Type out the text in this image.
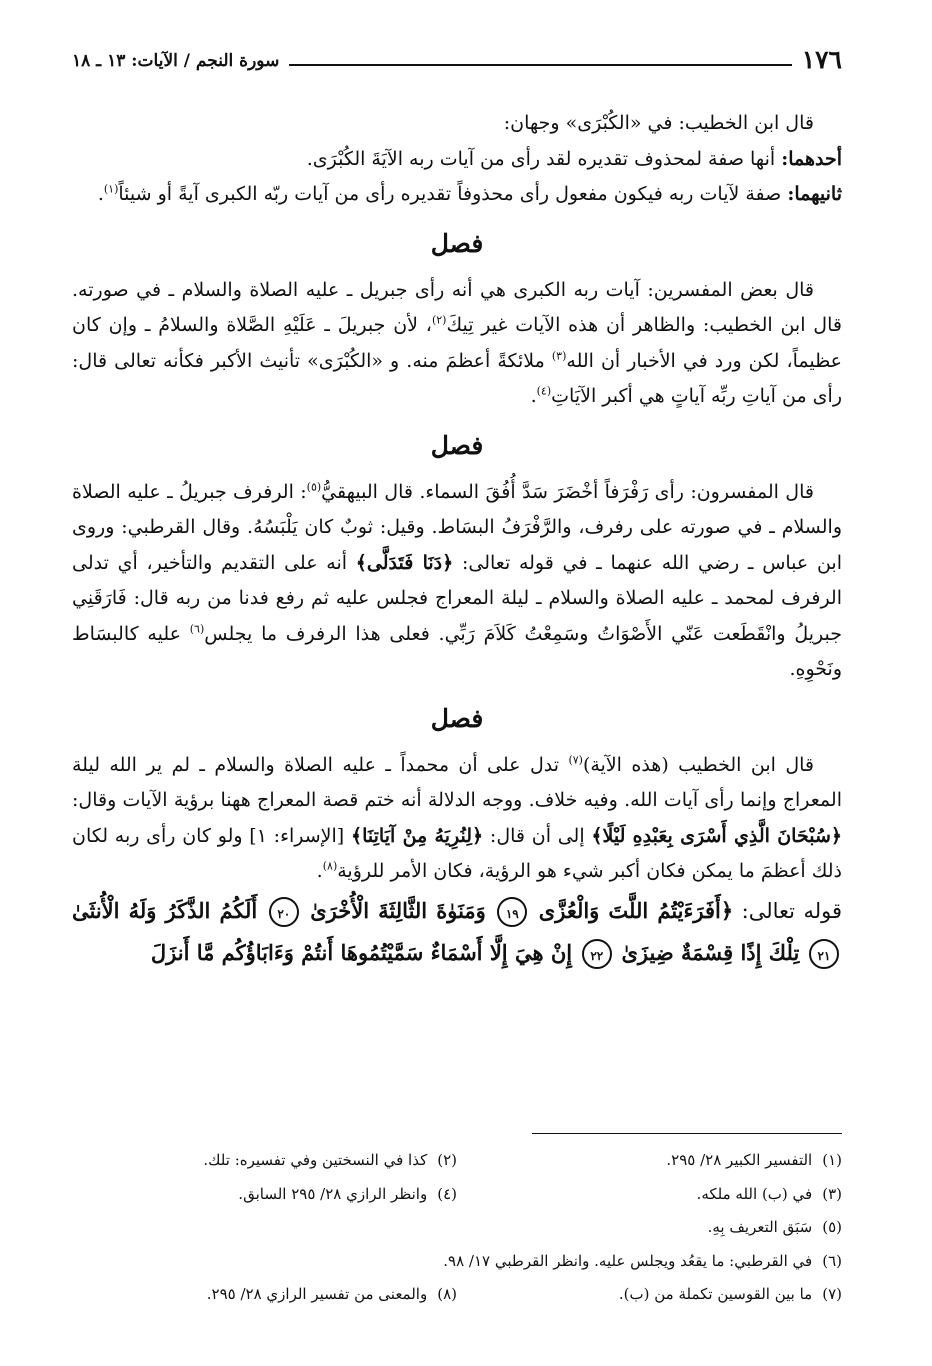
١٧٦
سورة النجم / الآيات: ١٣ ـ ١٨

قال ابن الخطيب: في «الكُبْرَى» وجهان:

أحدهما: أنها صفة لمحذوف تقديره لقد رأى من آيات ربه الآيَةَ الكُبْرَى.

ثانيهما: صفة لآيات ربه فيكون مفعول رأى محذوفاً تقديره رأى من آيات ربّه الكبرى آيةً أو شيئاً$^{(١)}$.

فصل

قال بعض المفسرين: آيات ربه الكبرى هي أنه رأى جبريل ـ عليه الصلاة والسلام ـ في صورته. قال ابن الخطيب: والظاهر أن هذه الآيات غير تِيكَ$^{(٢)}$، لأن جبريلَ ـ عَلَيْهِ الصَّلاة والسلامُ ـ وإن كان عظيماً، لكن ورد في الأخبار أن الله$^{(٣)}$ ملائكةً أعظمَ منه. و «الكُبْرَى» تأنيث الأكبر فكأنه تعالى قال: رأى من آياتِ ربِّه آياتٍ هي أكبر الآيَاتِ$^{(٤)}$.

فصل

قال المفسرون: رأى رَفْرَفاً أخْضَرَ سَدَّ أُفُقَ السماء. قال البيهقيُّ$^{(٥)}$: الرفرف جبريلُ ـ عليه الصلاة والسلام ـ في صورته على رفرف، والرَّفْرَفُ البسَاط. وقيل: ثوبٌ كان يَلْبَسُهُ. وقال القرطبي: وروى ابن عباس ـ رضي الله عنهما ـ في قوله تعالى: ﴿دَنَا فَتَدَلَّى﴾ أنه على التقديم والتأخير، أي تدلى الرفرف لمحمد ـ عليه الصلاة والسلام ـ ليلة المعراج فجلس عليه ثم رفع فدنا من ربه قال: فَارَقَنِي جبريلُ وانْقَطَعت عَنّي الأَصْوَاتُ وسَمِعْتُ كَلاَمَ رَبِّي. فعلى هذا الرفرف ما يجلس$^{(٦)}$ عليه كالبسَاط ونَحْوِهِ.

فصل

قال ابن الخطيب (هذه الآية)$^{(٧)}$ تدل على أن محمداً ـ عليه الصلاة والسلام ـ لم ير الله ليلة المعراج وإنما رأى آيات الله. وفيه خلاف. ووجه الدلالة أنه ختم قصة المعراج ههنا برؤية الآيات وقال: ﴿سُبْحَانَ الَّذِي أَسْرَى بِعَبْدِهِ لَيْلًا﴾ إلى أن قال: ﴿لِنُرِيَهُ مِنْ آيَاتِنَا﴾ [الإسراء: ١] ولو كان رأى ربه لكان ذلك أعظمَ ما يمكن فكان أكبر شيء هو الرؤية، فكان الأمر للرؤية$^{(٨)}$.

قوله تعالى: ﴿أَفَرَءَيْتُمُ اللَّتَ وَالْعُزَّى ١٩ وَمَنَوٰةَ الثَّالِثَةَ الْأُخْرَىٰ ٢٠ أَلَكُمُ الذَّكَرُ وَلَهُ الْأُنثَىٰ ٢١ تِلْكَ إِذًا قِسْمَةٌ ضِيزَىٰ ٢٢ إِنْ هِيَ إِلَّا أَسْمَاءٌ سَمَّيْتُمُوهَا أَنتُمْ وَءَابَاؤُكُم مَّا أَنزَلَ

(١)التفسير الكبير ٢٨/ ٢٩٥.
(٢)كذا في النسختين وفي تفسيره: تلك.
(٣)في (ب) الله ملكه.
(٤)وانظر الرازي ٢٨/ ٢٩٥ السابق.
(٥)سَبَق التعريف بِهِ.
(٦)في القرطبي: ما يقعُد ويجلس عليه. وانظر القرطبي ١٧/ ٩٨.
(٧)ما بين القوسين تكملة من (ب).
(٨)والمعنى من تفسير الرازي ٢٨/ ٢٩٥.
